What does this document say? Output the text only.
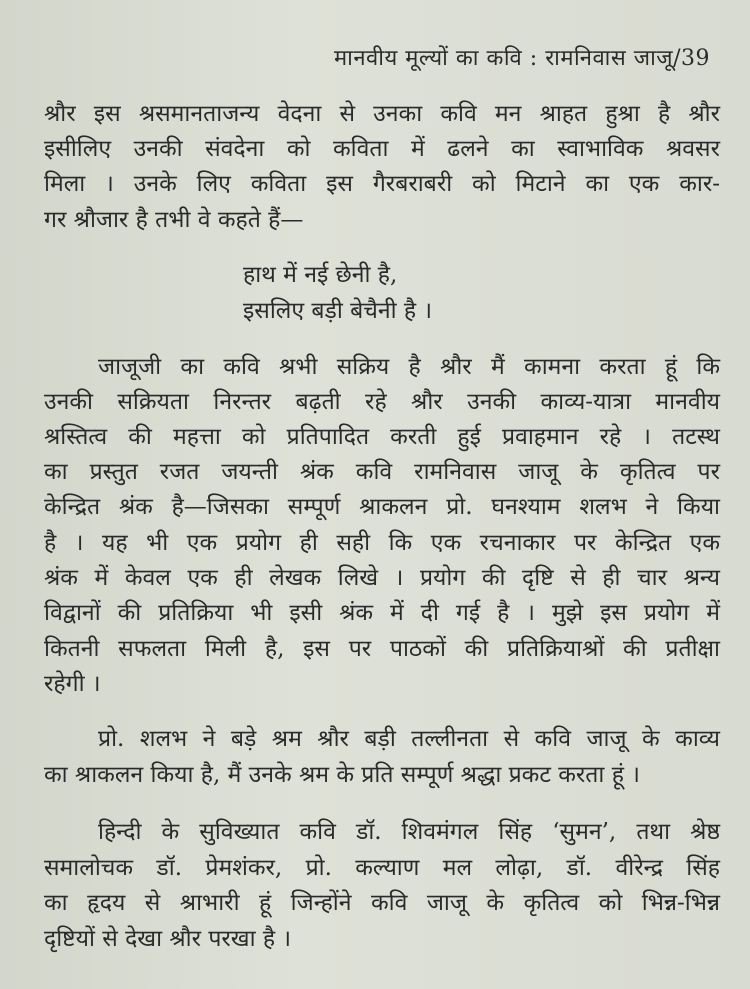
मानवीय मूल्यों का कवि : रामनिवास जाजू/39
श्रौर इस श्रसमानताजन्य वेदना से उनका कवि मन श्राहत हुश्रा है श्रौर
इसीलिए उनकी संवदेना को कविता में ढलने का स्वाभाविक श्रवसर
मिला । उनके लिए कविता इस गैरबराबरी को मिटाने का एक कार-
गर श्रौजार है तभी वे कहते हैं—
हाथ में नई छेनी है,
इसलिए बड़ी बेचैनी है ।
जाजूजी का कवि श्रभी सक्रिय है श्रौर मैं कामना करता हूं कि
उनकी सक्रियता निरन्तर बढ़ती रहे श्रौर उनकी काव्य-यात्रा मानवीय
श्रस्तित्व की महत्ता को प्रतिपादित करती हुई प्रवाहमान रहे । तटस्थ
का प्रस्तुत रजत जयन्ती श्रंक कवि रामनिवास जाजू के कृतित्व पर
केन्द्रित श्रंक है—जिसका सम्पूर्ण श्राकलन प्रो. घनश्याम शलभ ने किया
है । यह भी एक प्रयोग ही सही कि एक रचनाकार पर केन्द्रित एक
श्रंक में केवल एक ही लेखक लिखे । प्रयोग की दृष्टि से ही चार श्रन्य
विद्वानों की प्रतिक्रिया भी इसी श्रंक में दी गई है । मुझे इस प्रयोग में
कितनी सफलता मिली है, इस पर पाठकों की प्रतिक्रियाश्रों की प्रतीक्षा
रहेगी ।
प्रो. शलभ ने बड़े श्रम श्रौर बड़ी तल्लीनता से कवि जाजू के काव्य
का श्राकलन किया है, मैं उनके श्रम के प्रति सम्पूर्ण श्रद्धा प्रकट करता हूं ।
हिन्दी के सुविख्यात कवि डॉ. शिवमंगल सिंह ‘सुमन’, तथा श्रेष्ठ
समालोचक डॉ. प्रेमशंकर, प्रो. कल्याण मल लोढ़ा, डॉ. वीरेन्द्र सिंह
का हृदय से श्राभारी हूं जिन्होंने कवि जाजू के कृतित्व को भिन्न-भिन्न
दृष्टियों से देखा श्रौर परखा है ।
